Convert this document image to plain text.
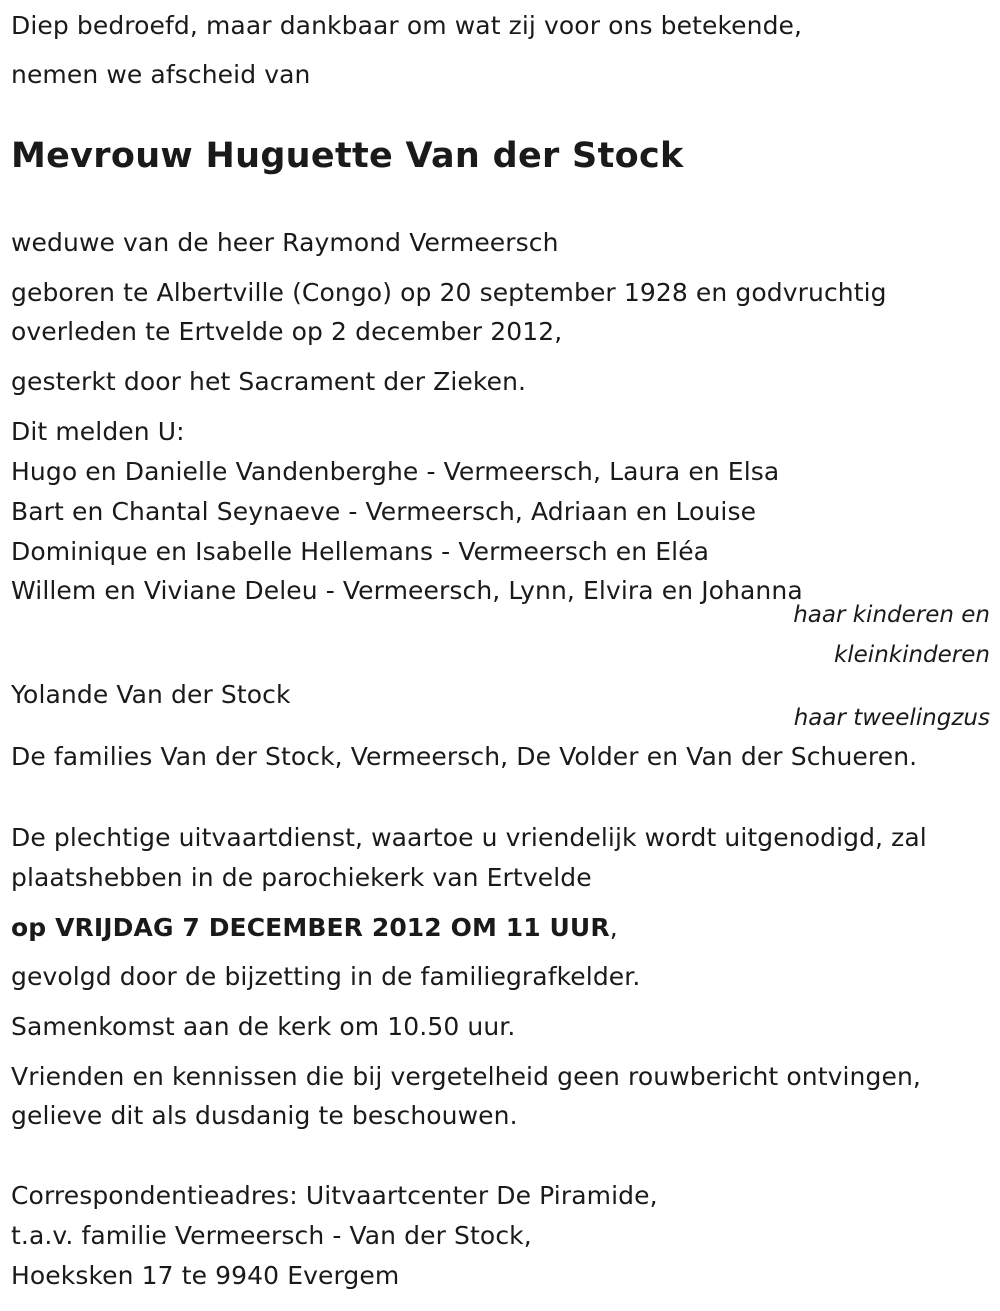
Diep bedroefd, maar dankbaar om wat zij voor ons betekende,

nemen we afscheid van

Mevrouw Huguette Van der Stock

weduwe van de heer Raymond Vermeersch

geboren te Albertville (Congo) op 20 september 1928 en godvruchtig

overleden te Ertvelde op 2 december 2012,

gesterkt door het Sacrament der Zieken.

Dit melden U:

Hugo en Danielle Vandenberghe - Vermeersch, Laura en Elsa

Bart en Chantal Seynaeve - Vermeersch, Adriaan en Louise

Dominique en Isabelle Hellemans - Vermeersch en Eléa

Willem en Viviane Deleu - Vermeersch, Lynn, Elvira en Johanna

haar kinderen en

kleinkinderen

Yolande Van der Stock

haar tweelingzus

De families Van der Stock, Vermeersch, De Volder en Van der Schueren.

De plechtige uitvaartdienst, waartoe u vriendelijk wordt uitgenodigd, zal

plaatshebben in de parochiekerk van Ertvelde

op VRIJDAG 7 DECEMBER 2012 OM 11 UUR,

gevolgd door de bijzetting in de familiegrafkelder.

Samenkomst aan de kerk om 10.50 uur.

Vrienden en kennissen die bij vergetelheid geen rouwbericht ontvingen,

gelieve dit als dusdanig te beschouwen.

Correspondentieadres: Uitvaartcenter De Piramide,

t.a.v. familie Vermeersch - Van der Stock,

Hoeksken 17 te 9940 Evergem
